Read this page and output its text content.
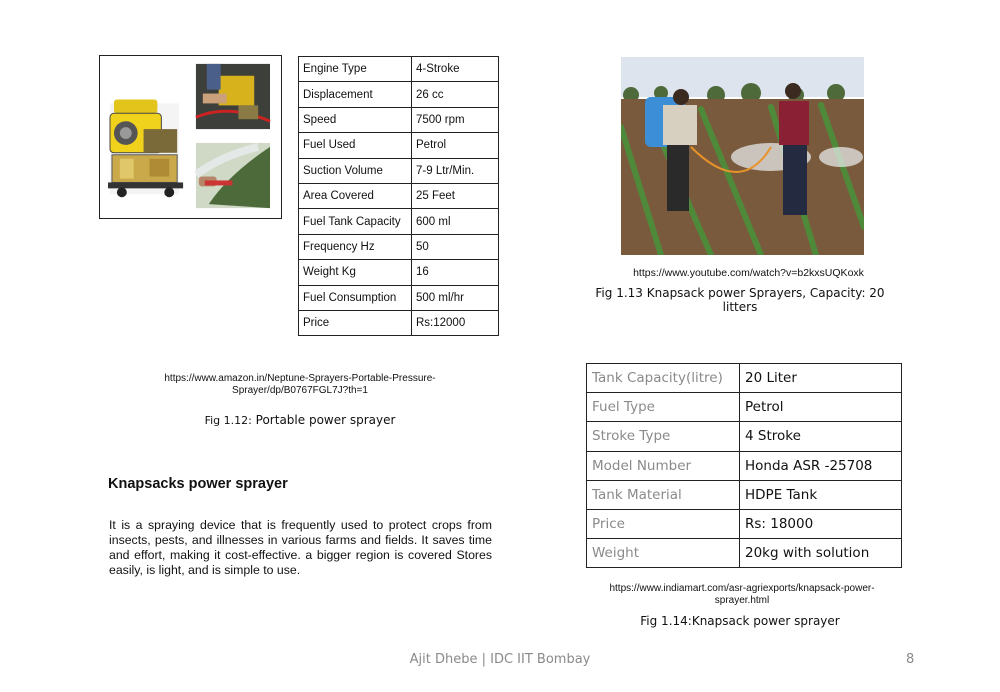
Engine Type	4-Stroke
Displacement	26 cc
Speed	7500 rpm
Fuel Used	Petrol
Suction Volume	7-9 Ltr/Min.
Area Covered	25 Feet
Fuel Tank Capacity	600 ml
Frequency Hz	50
Weight Kg	16
Fuel Consumption	500 ml/hr
Price	Rs:12000
https://www.amazon.in/Neptune-Sprayers-Portable-Pressure-Sprayer/dp/B0767FGL7J?th=1
Fig 1.12: Portable power sprayer
Knapsacks power sprayer
It is a spraying device that is frequently used to protect crops from insects, pests, and illnesses in various farms and fields. It saves time and effort, making it cost-effective. a bigger region is covered Stores easily, is light, and is simple to use.
https://www.youtube.com/watch?v=b2kxsUQKoxk
Fig 1.13 Knapsack power Sprayers, Capacity: 20 litters
Tank Capacity(litre)	20 Liter
Fuel Type	Petrol
Stroke Type	4 Stroke
Model Number	Honda ASR -25708
Tank Material	HDPE Tank
Price	Rs: 18000
Weight	20kg with solution
https://www.indiamart.com/asr-agriexports/knapsack-power-sprayer.html
Fig 1.14:Knapsack power sprayer
Ajit Dhebe | IDC IIT Bombay	8
